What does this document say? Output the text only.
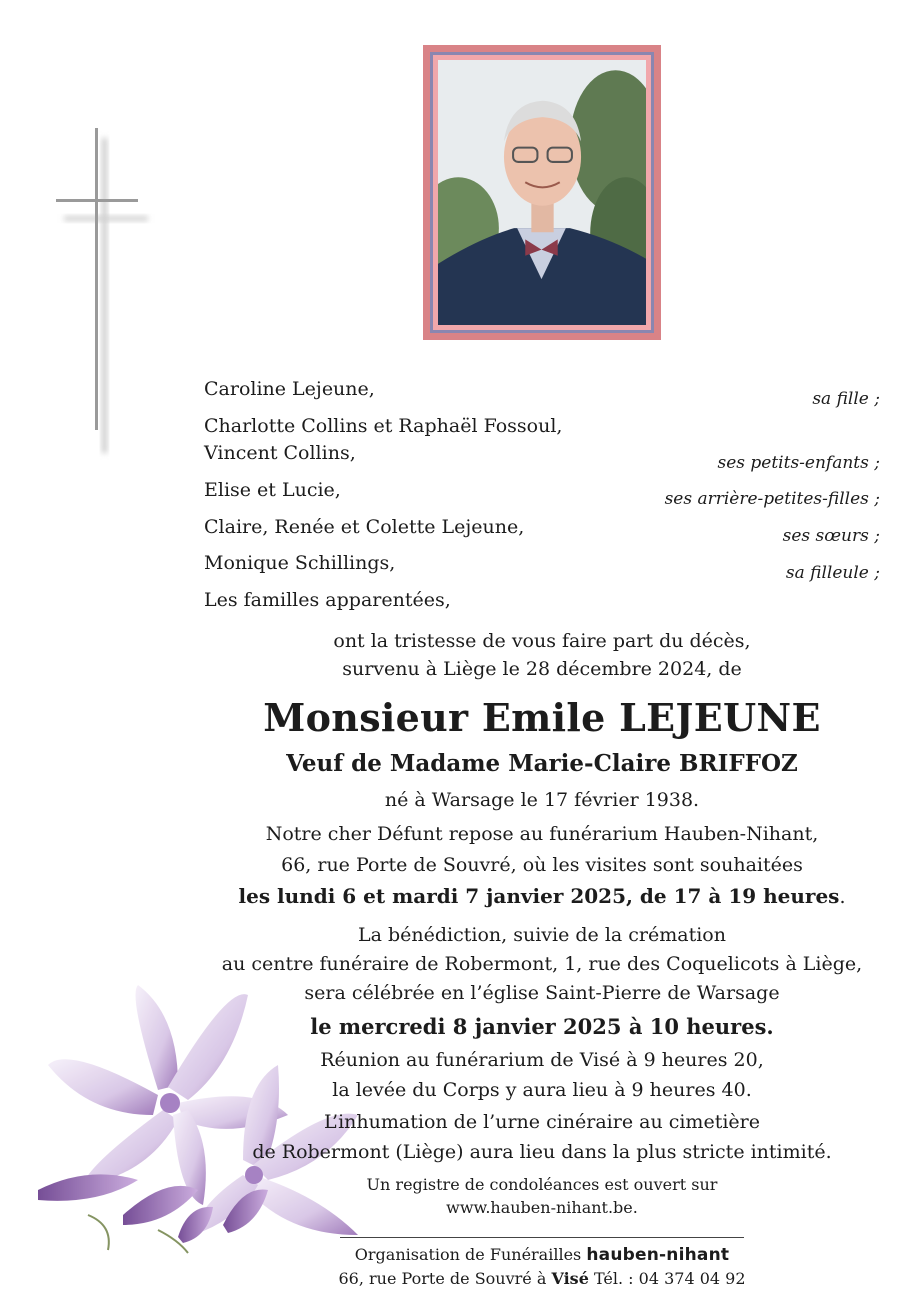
Caroline Lejeune,	sa fille ;
Charlotte Collins et Raphaël Fossoul,
Vincent Collins,	ses petits-enfants ;
Elise et Lucie,	ses arrière-petites-filles ;
Claire, Renée et Colette Lejeune,	ses sœurs ;
Monique Schillings,	sa filleule ;
Les familles apparentées,
ont la tristesse de vous faire part du décès,
survenu à Liège le 28 décembre 2024, de
Monsieur Emile LEJEUNE
Veuf de Madame Marie-Claire BRIFFOZ
né à Warsage le 17 février 1938.
Notre cher Défunt repose au funérarium Hauben-Nihant,
66, rue Porte de Souvré, où les visites sont souhaitées
les lundi 6 et mardi 7 janvier 2025, de 17 à 19 heures.
La bénédiction, suivie de la crémation
au centre funéraire de Robermont, 1, rue des Coquelicots à Liège,
sera célébrée en l’église Saint-Pierre de Warsage
le mercredi 8 janvier 2025 à 10 heures.
Réunion au funérarium de Visé à 9 heures 20,
la levée du Corps y aura lieu à 9 heures 40.
L’inhumation de l’urne cinéraire au cimetière
de Robermont (Liège) aura lieu dans la plus stricte intimité.
Un registre de condoléances est ouvert sur
www.hauben-nihant.be.
Organisation de Funérailles hauben-nihant
66, rue Porte de Souvré à Visé Tél. : 04 374 04 92
